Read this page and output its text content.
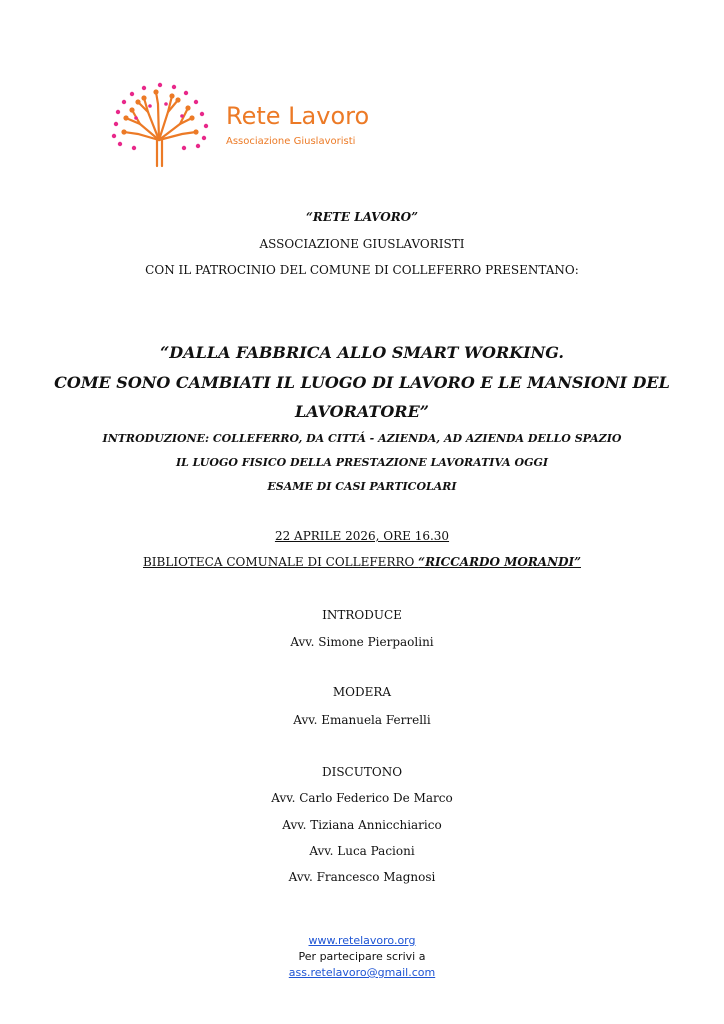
Rete Lavoro
Associazione Giuslavoristi
“RETE LAVORO”
ASSOCIAZIONE GIUSLAVORISTI
CON IL PATROCINIO DEL COMUNE DI COLLEFERRO PRESENTANO:
“DALLA FABBRICA ALLO SMART WORKING.
COME SONO CAMBIATI IL LUOGO DI LAVORO E LE MANSIONI DEL
LAVORATORE”
INTRODUZIONE: COLLEFERRO, DA CITTÁ - AZIENDA, AD AZIENDA DELLO SPAZIO
IL LUOGO FISICO DELLA PRESTAZIONE LAVORATIVA OGGI
ESAME DI CASI PARTICOLARI
22 APRILE 2026, ORE 16.30
BIBLIOTECA COMUNALE DI COLLEFERRO “RICCARDO MORANDI”
INTRODUCE
Avv. Simone Pierpaolini
MODERA
Avv. Emanuela Ferrelli
DISCUTONO
Avv. Carlo Federico De Marco
Avv. Tiziana Annicchiarico
Avv. Luca Pacioni
Avv. Francesco Magnosi
www.retelavoro.org
Per partecipare scrivi a
ass.retelavoro@gmail.com
